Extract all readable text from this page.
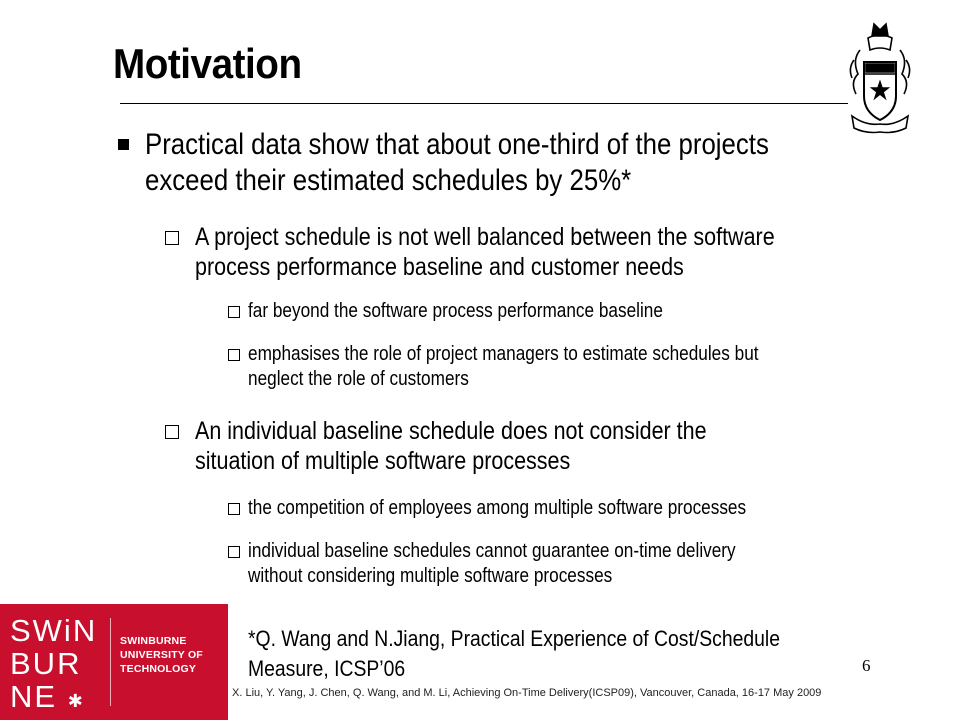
Motivation
Practical data show that about one-third of the projects
exceed their estimated schedules by 25%*
A project schedule is not well balanced between the software
process performance baseline and customer needs
far beyond the software process performance baseline
emphasises the role of project managers to estimate schedules but
neglect the role of customers
An individual baseline schedule does not consider the
situation of multiple software processes
the competition of employees among multiple software processes
individual baseline schedules cannot guarantee on-time delivery
without considering multiple software processes
*Q. Wang and N.Jiang, Practical Experience of Cost/Schedule
Measure, ICSP’06	6
X. Liu, Y. Yang, J. Chen, Q. Wang, and M. Li, Achieving On-Time Delivery(ICSP09), Vancouver, Canada, 16-17 May 2009
SWiN
BUR
NE ✱
SWINBURNE
UNIVERSITY OF
TECHNOLOGY
